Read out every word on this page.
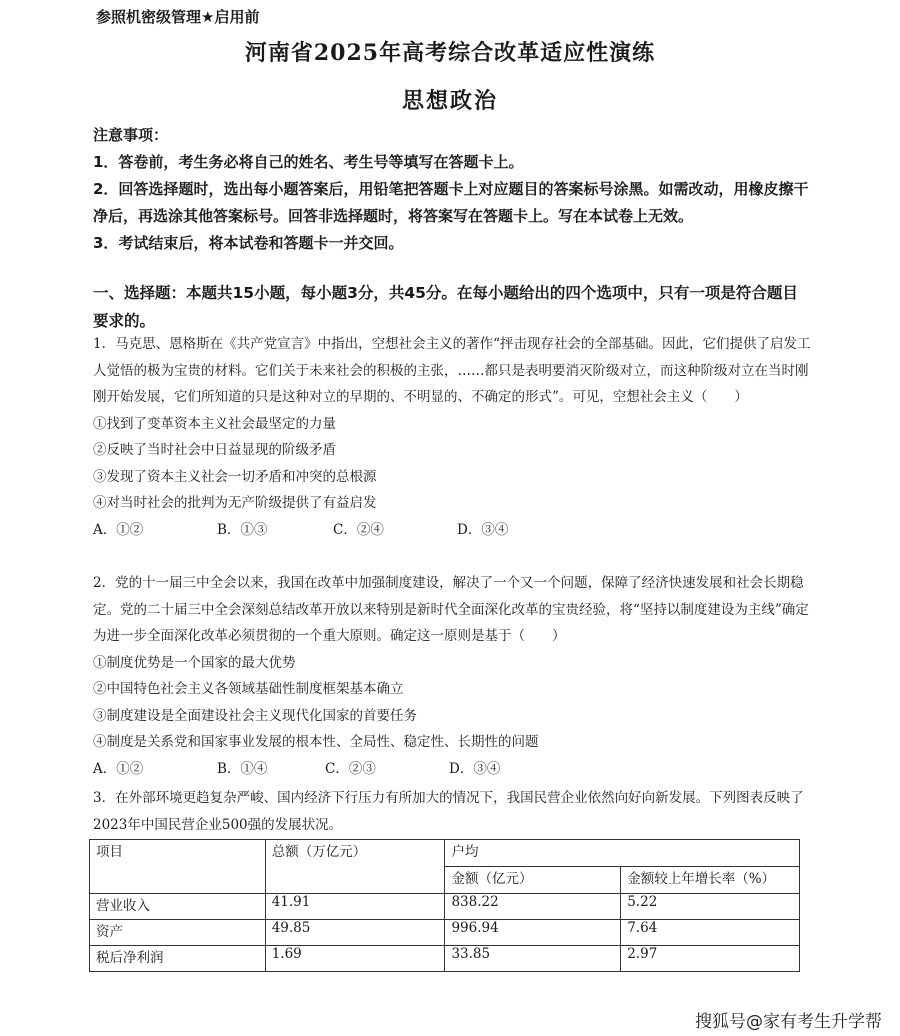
参照机密级管理★启用前
河南省2025年高考综合改革适应性演练
思想政治

注意事项：

1．答卷前，考生务必将自己的姓名、考生号等填写在答题卡上。

2．回答选择题时，选出每小题答案后，用铅笔把答题卡上对应题目的答案标号涂黑。如需改动，用橡皮擦干净后，再选涂其他答案标号。回答非选择题时，将答案写在答题卡上。写在本试卷上无效。

3．考试结束后，将本试卷和答题卡一并交回。

一、选择题：本题共15小题，每小题3分，共45分。在每小题给出的四个选项中，只有一项是符合题目要求的。

1．马克思、恩格斯在《共产党宣言》中指出，空想社会主义的著作“抨击现存社会的全部基础。因此，它们提供了启发工人觉悟的极为宝贵的材料。它们关于未来社会的积极的主张，……都只是表明要消灭阶级对立，而这种阶级对立在当时刚刚开始发展，它们所知道的只是这种对立的早期的、不明显的、不确定的形式”。可见，空想社会主义（　　）

①找到了变革资本主义社会最坚定的力量

②反映了当时社会中日益显现的阶级矛盾

③发现了资本主义社会一切矛盾和冲突的总根源

④对当时社会的批判为无产阶级提供了有益启发

A．①②	B．①③	C．②④	D．③④

2．党的十一届三中全会以来，我国在改革中加强制度建设，解决了一个又一个问题，保障了经济快速发展和社会长期稳定。党的二十届三中全会深刻总结改革开放以来特别是新时代全面深化改革的宝贵经验，将“坚持以制度建设为主线”确定为进一步全面深化改革必须贯彻的一个重大原则。确定这一原则是基于（　　）

①制度优势是一个国家的最大优势

②中国特色社会主义各领域基础性制度框架基本确立

③制度建设是全面建设社会主义现代化国家的首要任务

④制度是关系党和国家事业发展的根本性、全局性、稳定性、长期性的问题

A．①②	B．①④	C．②③	D．③④

3．在外部环境更趋复杂严峻、国内经济下行压力有所加大的情况下，我国民营企业依然向好向新发展。下列图表反映了2023年中国民营企业500强的发展状况。

项目	总额（万亿元）	户均	
		金额（亿元）	金额较上年增长率（%）
营业收入	41.91	838.22	5.22
资产	49.85	996.94	7.64
税后净利润	1.69	33.85	2.97
搜狐号@家有考生升学帮
